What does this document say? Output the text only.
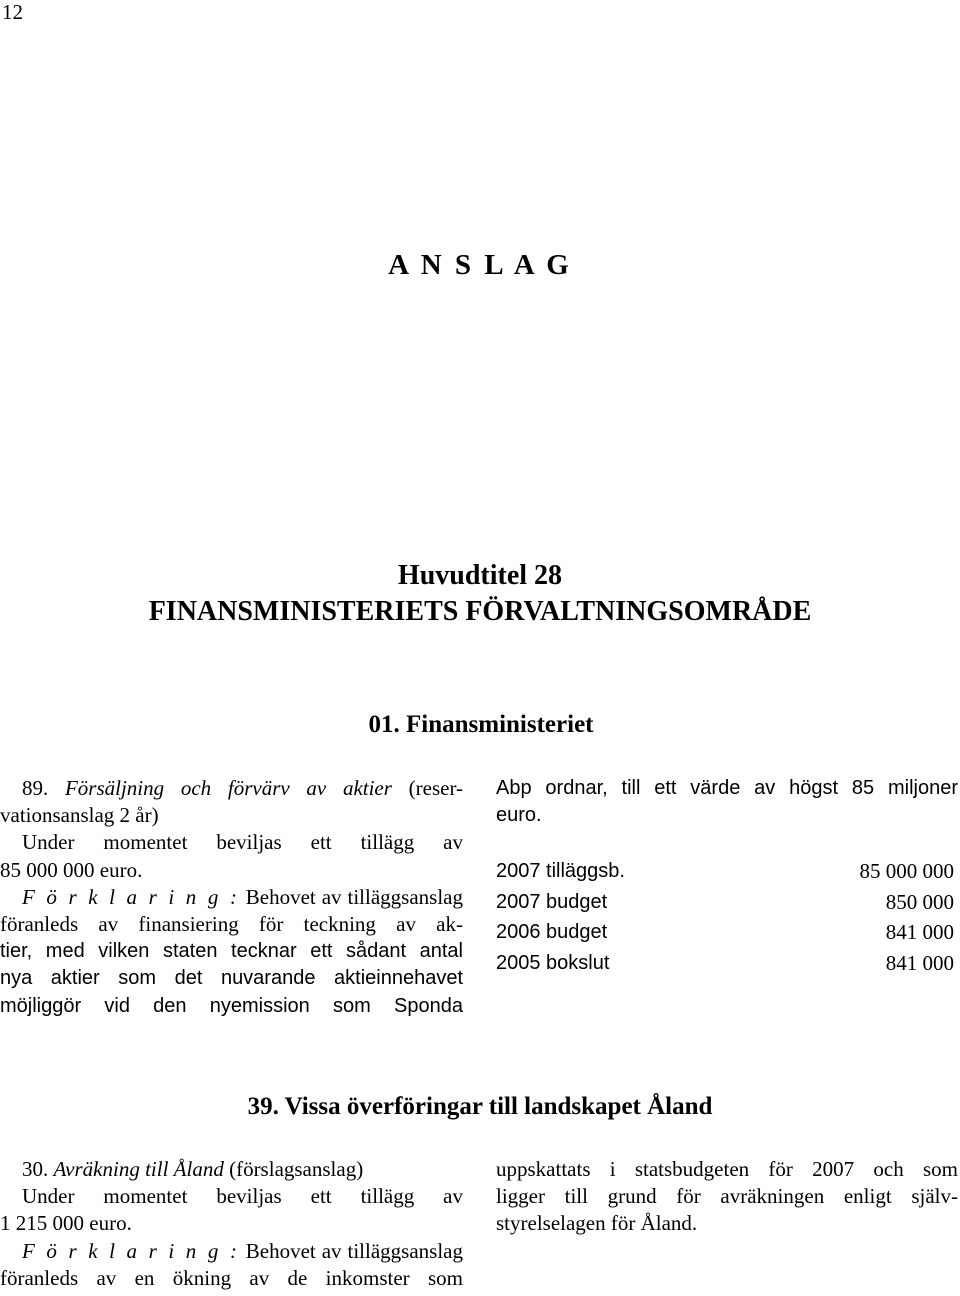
12
A N S L A G
Huvudtitel 28
FINANSMINISTERIETS FÖRVALTNINGSOMRÅDE
01. Finansministeriet

89. Försäljning och förvärv av aktier (reser-

vationsanslag 2 år)

Under momentet beviljas ett tillägg av

85 000 000 euro.

F ö r k l a r i n g : Behovet av tilläggsanslag

föranleds av finansiering för teckning av ak-

tier, med vilken staten tecknar ett sådant antal

nya aktier som det nuvarande aktieinnehavet

möjliggör vid den nyemission som Sponda

Abp ordnar, till ett värde av högst 85 miljoner

euro.

2007 tilläggsb.	85 000 000
2007 budget	850 000
2006 budget	841 000
2005 bokslut	841 000
39. Vissa överföringar till landskapet Åland

30. Avräkning till Åland (förslagsanslag)

Under momentet beviljas ett tillägg av

1 215 000 euro.

F ö r k l a r i n g : Behovet av tilläggsanslag

föranleds av en ökning av de inkomster som

uppskattats i statsbudgeten för 2007 och som

ligger till grund för avräkningen enligt själv-

styrelselagen för Åland.
